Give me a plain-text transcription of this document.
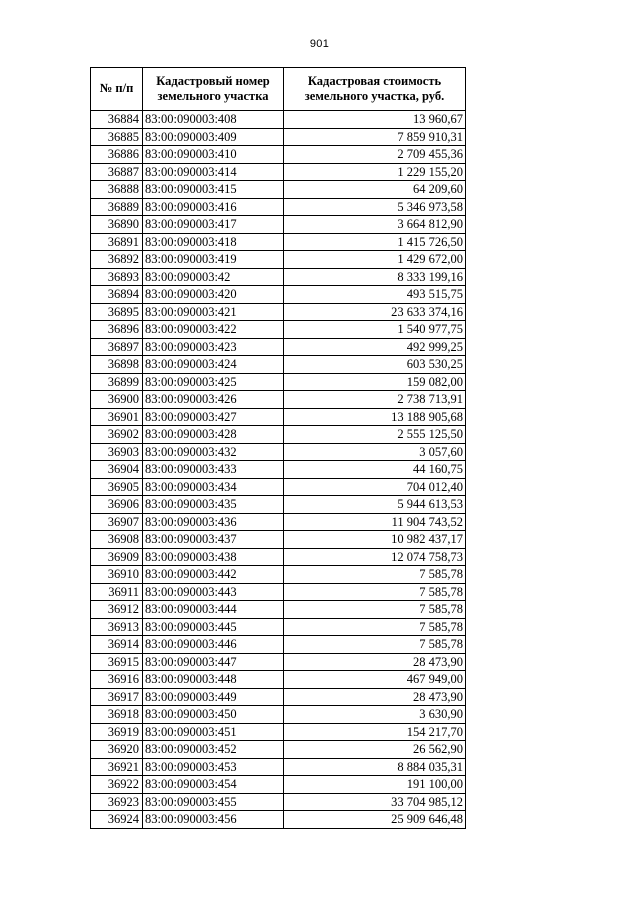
901
№ п/п	Кадастровый номер земельного участка	Кадастровая стоимость земельного участка, руб.
36884	83:00:090003:408	13 960,67
36885	83:00:090003:409	7 859 910,31
36886	83:00:090003:410	2 709 455,36
36887	83:00:090003:414	1 229 155,20
36888	83:00:090003:415	64 209,60
36889	83:00:090003:416	5 346 973,58
36890	83:00:090003:417	3 664 812,90
36891	83:00:090003:418	1 415 726,50
36892	83:00:090003:419	1 429 672,00
36893	83:00:090003:42	8 333 199,16
36894	83:00:090003:420	493 515,75
36895	83:00:090003:421	23 633 374,16
36896	83:00:090003:422	1 540 977,75
36897	83:00:090003:423	492 999,25
36898	83:00:090003:424	603 530,25
36899	83:00:090003:425	159 082,00
36900	83:00:090003:426	2 738 713,91
36901	83:00:090003:427	13 188 905,68
36902	83:00:090003:428	2 555 125,50
36903	83:00:090003:432	3 057,60
36904	83:00:090003:433	44 160,75
36905	83:00:090003:434	704 012,40
36906	83:00:090003:435	5 944 613,53
36907	83:00:090003:436	11 904 743,52
36908	83:00:090003:437	10 982 437,17
36909	83:00:090003:438	12 074 758,73
36910	83:00:090003:442	7 585,78
36911	83:00:090003:443	7 585,78
36912	83:00:090003:444	7 585,78
36913	83:00:090003:445	7 585,78
36914	83:00:090003:446	7 585,78
36915	83:00:090003:447	28 473,90
36916	83:00:090003:448	467 949,00
36917	83:00:090003:449	28 473,90
36918	83:00:090003:450	3 630,90
36919	83:00:090003:451	154 217,70
36920	83:00:090003:452	26 562,90
36921	83:00:090003:453	8 884 035,31
36922	83:00:090003:454	191 100,00
36923	83:00:090003:455	33 704 985,12
36924	83:00:090003:456	25 909 646,48
